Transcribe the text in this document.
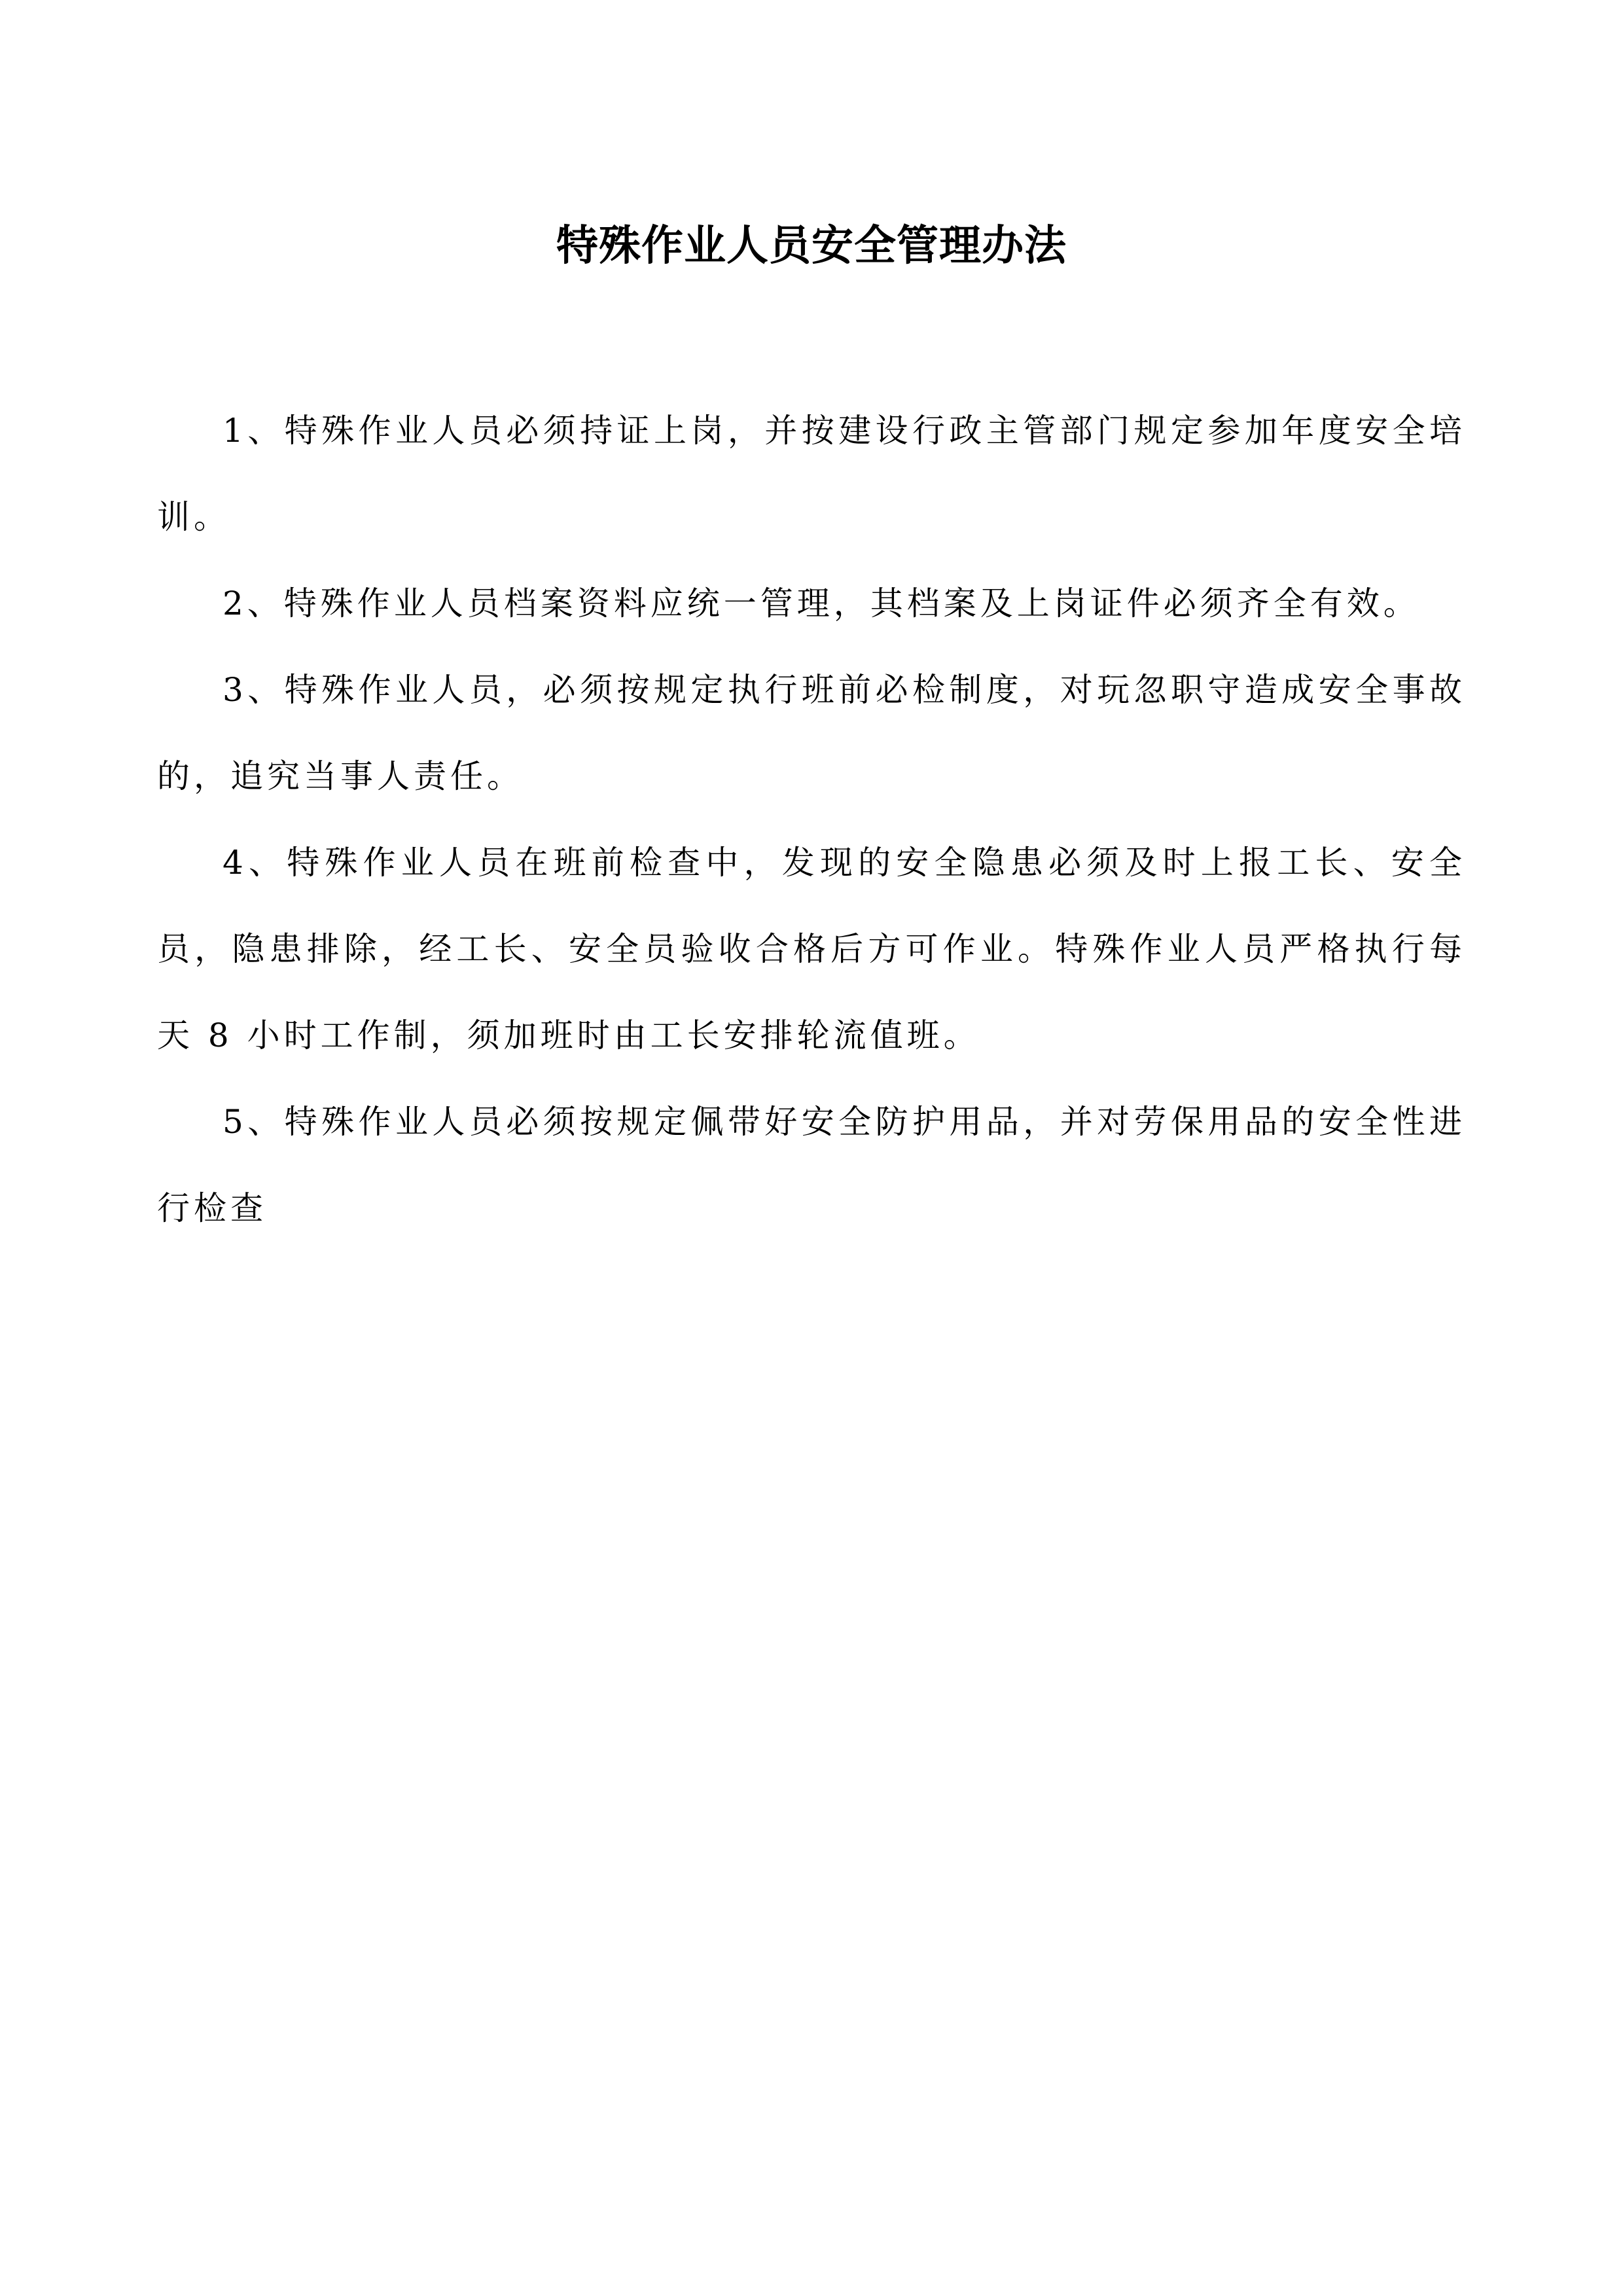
特殊作业人员安全管理办法

1、特殊作业人员必须持证上岗，并按建设行政主管部门规定参加年度安全培训。

2、特殊作业人员档案资料应统一管理，其档案及上岗证件必须齐全有效。

3、特殊作业人员，必须按规定执行班前必检制度，对玩忽职守造成安全事故的，追究当事人责任。

4、特殊作业人员在班前检查中，发现的安全隐患必须及时上报工长、安全员，隐患排除，经工长、安全员验收合格后方可作业。特殊作业人员严格执行每天 8 小时工作制，须加班时由工长安排轮流值班。

5、特殊作业人员必须按规定佩带好安全防护用品，并对劳保用品的安全性进行检查
